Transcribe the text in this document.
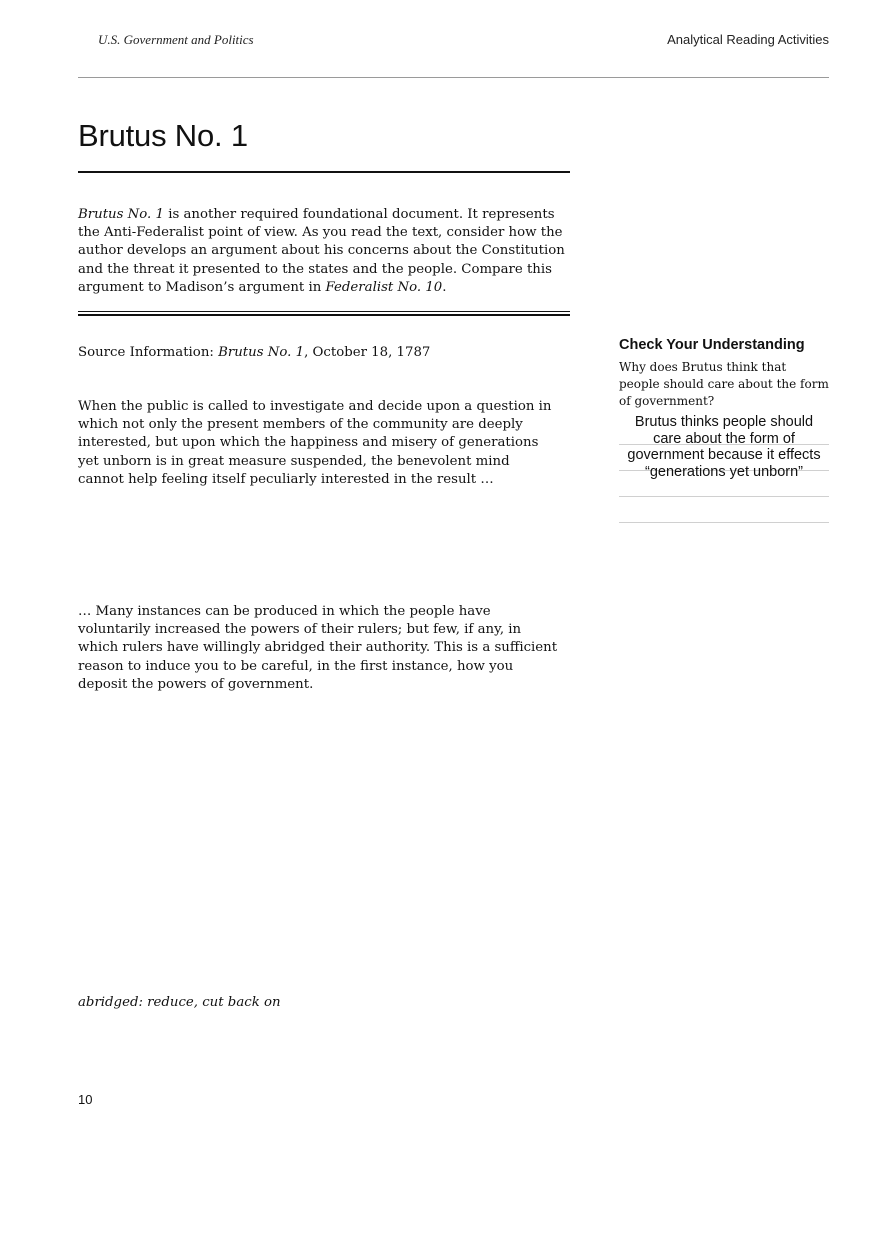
U.S. Government and Politics	Analytical Reading Activities
Brutus No. 1
Brutus No. 1 is another required foundational document. It represents the Anti-Federalist point of view. As you read the text, consider how the author develops an argument about his concerns about the Constitution and the threat it presented to the states and the people. Compare this argument to Madison’s argument in Federalist No. 10.
Source Information: Brutus No. 1, October 18, 1787
When the public is called to investigate and decide upon a question in which not only the present members of the community are deeply interested, but upon which the happiness and misery of generations yet unborn is in great measure suspended, the benevolent mind cannot help feeling itself peculiarly interested in the result …
… Many instances can be produced in which the people have voluntarily increased the powers of their rulers; but few, if any, in which rulers have willingly abridged their authority. This is a sufficient reason to induce you to be careful, in the first instance, how you deposit the powers of government.
Check Your Understanding
Why does Brutus think that people should care about the form of government?
Brutus thinks people should care about the form of government because it effects “generations yet unborn”
abridged: reduce, cut back on
10
